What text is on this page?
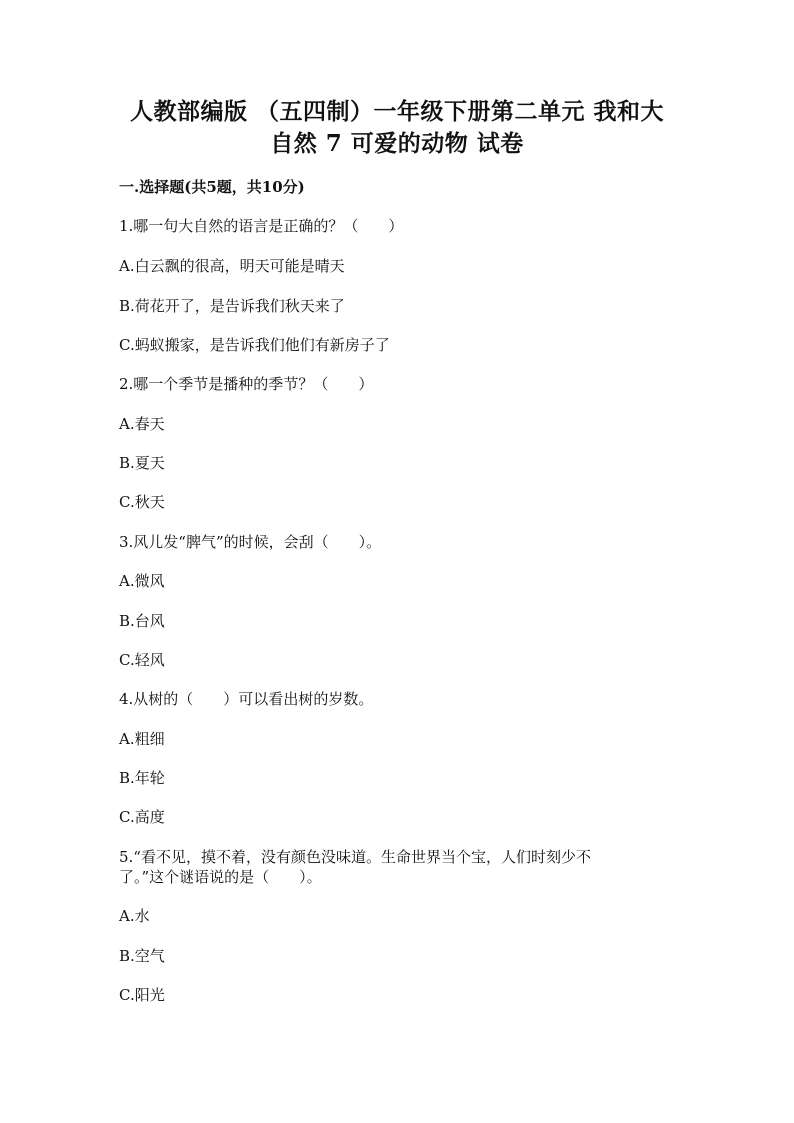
人教部编版 （五四制）一年级下册第二单元 我和大
自然 7 可爱的动物 试卷
一.选择题(共5题，共10分)
1.哪一句大自然的语言是正确的？（　　）
A.白云飘的很高，明天可能是晴天
B.荷花开了，是告诉我们秋天来了
C.蚂蚁搬家，是告诉我们他们有新房子了
2.哪一个季节是播种的季节？（　　）
A.春天
B.夏天
C.秋天
3.风儿发“脾气”的时候，会刮（　　）。
A.微风
B.台风
C.轻风
4.从树的（　　）可以看出树的岁数。
A.粗细
B.年轮
C.高度
5.“看不见，摸不着，没有颜色没味道。生命世界当个宝，人们时刻少不
了。”这个谜语说的是（　　）。
A.水
B.空气
C.阳光
